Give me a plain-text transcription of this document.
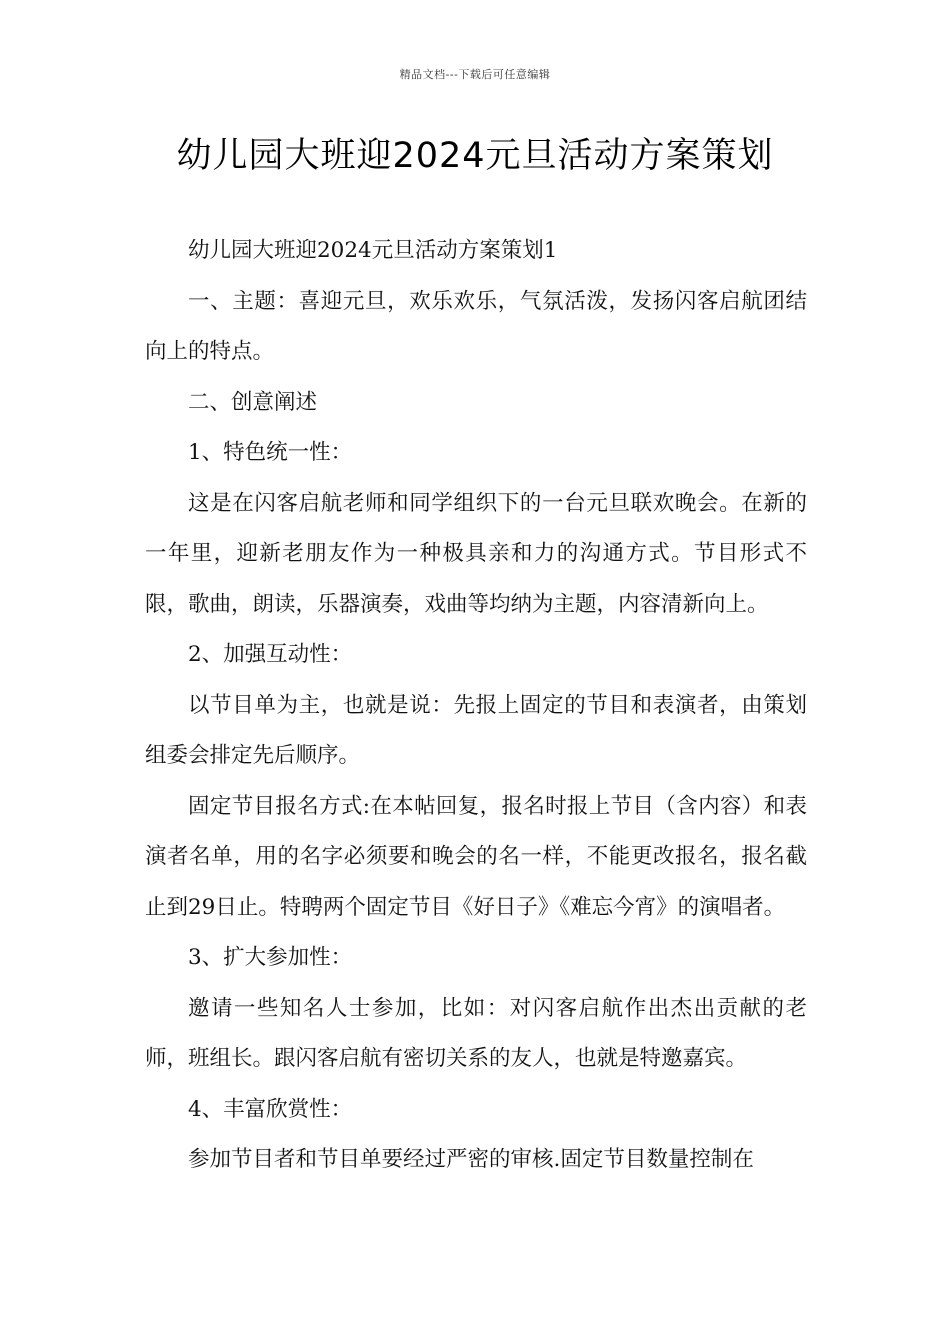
精品文档---下载后可任意编辑
幼儿园大班迎2024元旦活动方案策划

幼儿园大班迎2024元旦活动方案策划1

一、主题：喜迎元旦，欢乐欢乐，气氛活泼，发扬闪客启航团结向上的特点。

二、创意阐述

1、特色统一性：

这是在闪客启航老师和同学组织下的一台元旦联欢晚会。在新的一年里，迎新老朋友作为一种极具亲和力的沟通方式。节目形式不限，歌曲，朗读，乐器演奏，戏曲等均纳为主题，内容清新向上。

2、加强互动性：

以节目单为主，也就是说：先报上固定的节目和表演者，由策划组委会排定先后顺序。

固定节目报名方式:在本帖回复，报名时报上节目（含内容）和表演者名单，用的名字必须要和晚会的名一样，不能更改报名，报名截止到29日止。特聘两个固定节目《好日子》《难忘今宵》的演唱者。

3、扩大参加性：

邀请一些知名人士参加，比如：对闪客启航作出杰出贡献的老师，班组长。跟闪客启航有密切关系的友人，也就是特邀嘉宾。

4、丰富欣赏性：

参加节目者和节目单要经过严密的审核.固定节目数量控制在
